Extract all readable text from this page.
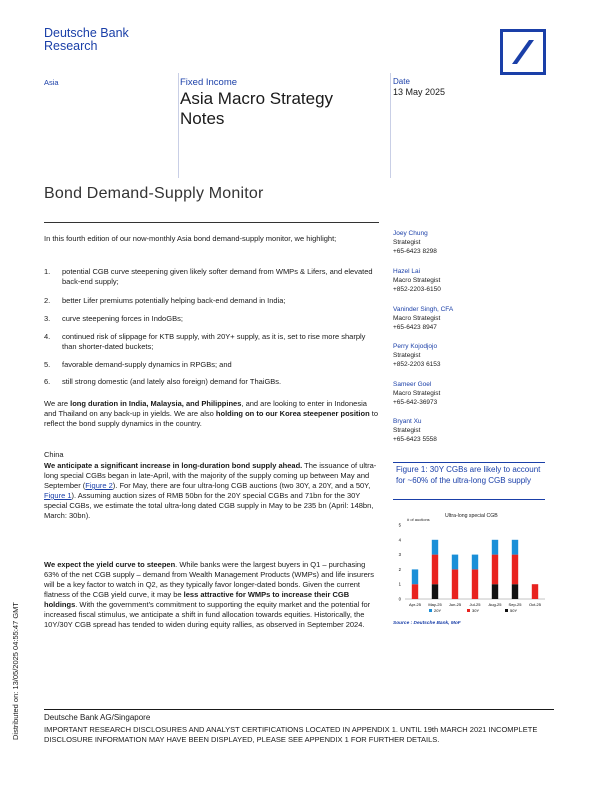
Deutsche Bank
Research
Asia	Fixed Income
Asia Macro Strategy Notes
Date
13 May 2025
Bond Demand-Supply Monitor
In this fourth edition of our now-monthly Asia bond demand-supply monitor, we highlight;
1. potential CGB curve steepening given likely softer demand from WMPs & Lifers, and elevated back-end supply;
2. better Lifer premiums potentially helping back-end demand in India;
3. curve steepening forces in IndoGBs;
4. continued risk of slippage for KTB supply, with 20Y+ supply, as it is, set to rise more sharply than shorter-dated buckets;
5. favorable demand-supply dynamics in RPGBs; and
6. still strong domestic (and lately also foreign) demand for ThaiGBs.
We are long duration in India, Malaysia, and Philippines, and are looking to enter in Indonesia and Thailand on any back-up in yields. We are also holding on to our Korea steepener position to reflect the bond supply dynamics in the country.
China
We anticipate a significant increase in long-duration bond supply ahead. The issuance of ultra-long special CGBs began in late-April, with the majority of the supply coming up between May and September (Figure 2). For May, there are four ultra-long CGB auctions (two 30Y, a 20Y, and a 50Y, Figure 1). Assuming auction sizes of RMB 50bn for the 20Y special CGBs and 71bn for the 30Y special CGBs, we estimate the total ultra-long dated CGB supply in May to be 235 bn (April: 148bn, March: 30bn).
We expect the yield curve to steepen. While banks were the largest buyers in Q1 – purchasing 63% of the net CGB supply – demand from Wealth Management Products (WMPs) and life insurers will be a key factor to watch in Q2, as they typically favor longer-dated bonds. Given the current flatness of the CGB yield curve, it may be less attractive for WMPs to increase their CGB holdings. With the government's commitment to supporting the equity market and the potential for increased fiscal stimulus, we anticipate a shift in fund allocation towards equities. Historically, the 10Y/30Y CGB spread has tended to widen during equity rallies, as observed in September 2024.
Joey Chung
Strategist
+65-6423 8298
Hazel Lai
Macro Strategist
+852-2203-6150
Vaninder Singh, CFA
Macro Strategist
+65-6423 8947
Perry Kojodjojo
Strategist
+852-2203 6153
Sameer Goel
Macro Strategist
+65-642-36973
Bryant Xu
Strategist
+65-6423 5558
Figure 1: 30Y CGBs are likely to account for ~60% of the ultra-long CGB supply
Ultra-long special CGB
# of auctions
0
1
2
3
4
5
Apr-25 May-25 Jun-25 Jul-25 Aug-25 Sep-25 Oct-25
20Y	30Y	50Y
Source : Deutsche Bank, MoF
Deutsche Bank AG/Singapore
IMPORTANT RESEARCH DISCLOSURES AND ANALYST CERTIFICATIONS LOCATED IN APPENDIX 1. UNTIL 19th MARCH 2021 INCOMPLETE DISCLOSURE INFORMATION MAY HAVE BEEN DISPLAYED, PLEASE SEE APPENDIX 1 FOR FURTHER DETAILS.
Distributed on: 13/05/2025 04:55:47 GMT
